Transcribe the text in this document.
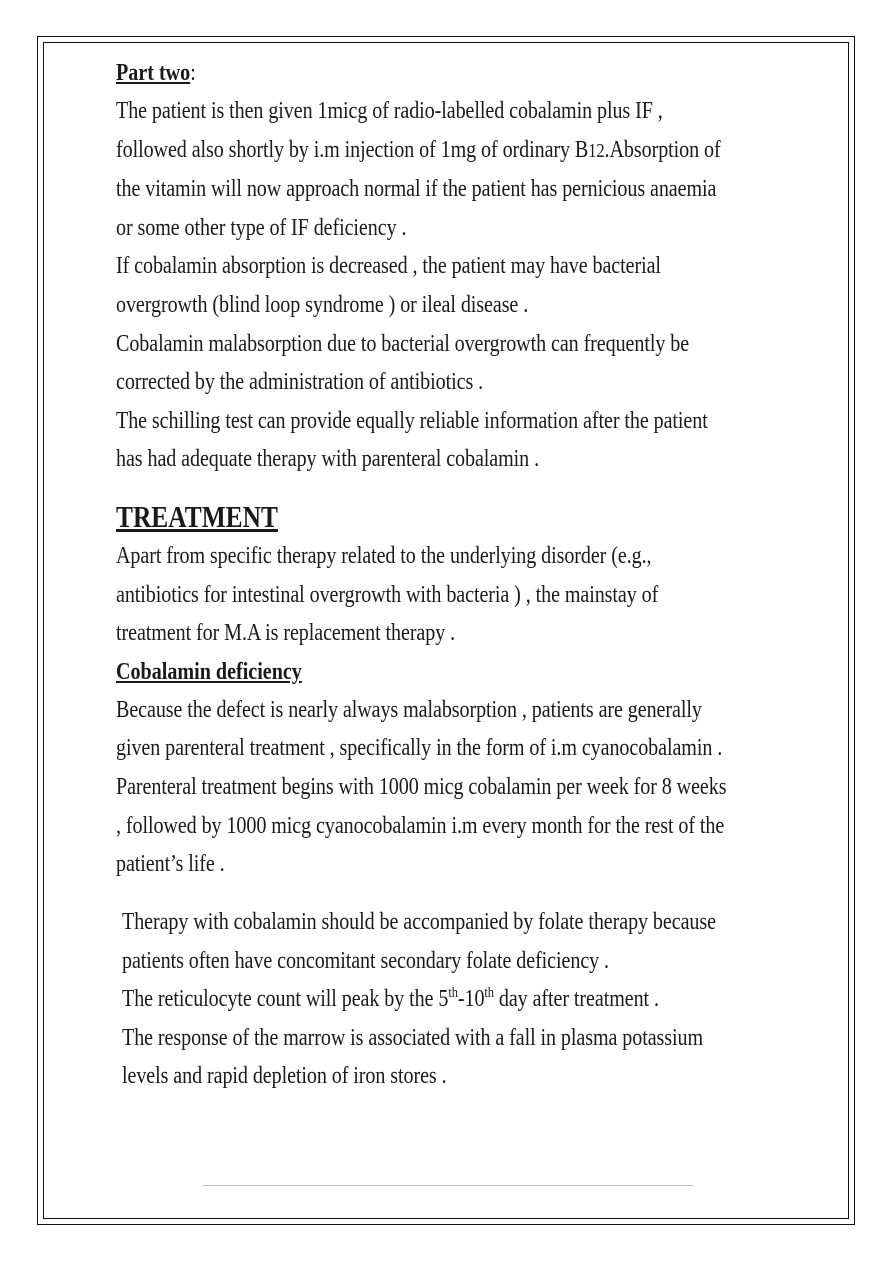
Part two:
The patient is then given 1micg of radio-labelled cobalamin plus IF ,
followed also shortly by i.m injection of 1mg of ordinary B12.Absorption of
the vitamin will now approach normal if the patient has pernicious anaemia
or some other type of IF deficiency .
If cobalamin absorption is decreased , the patient may have bacterial
overgrowth (blind loop syndrome ) or ileal disease .
Cobalamin malabsorption due to bacterial overgrowth can frequently be
corrected by the administration of antibiotics .
The schilling test can provide equally reliable information after the patient
has had adequate therapy with parenteral cobalamin .
TREATMENT
Apart from specific therapy related to the underlying disorder (e.g.,
antibiotics for intestinal overgrowth with bacteria ) , the mainstay of
treatment for M.A is replacement therapy .
Cobalamin deficiency
Because the defect is nearly always malabsorption , patients are generally
given parenteral treatment , specifically in the form of i.m cyanocobalamin .
Parenteral treatment begins with 1000 micg cobalamin per week for 8 weeks
, followed by 1000 micg cyanocobalamin i.m every month for the rest of the
patient’s life .
Therapy with cobalamin should be accompanied by folate therapy because
patients often have concomitant secondary folate deficiency .
The reticulocyte count will peak by the 5th-10th day after treatment .
The response of the marrow is associated with a fall in plasma potassium
levels and rapid depletion of iron stores .
